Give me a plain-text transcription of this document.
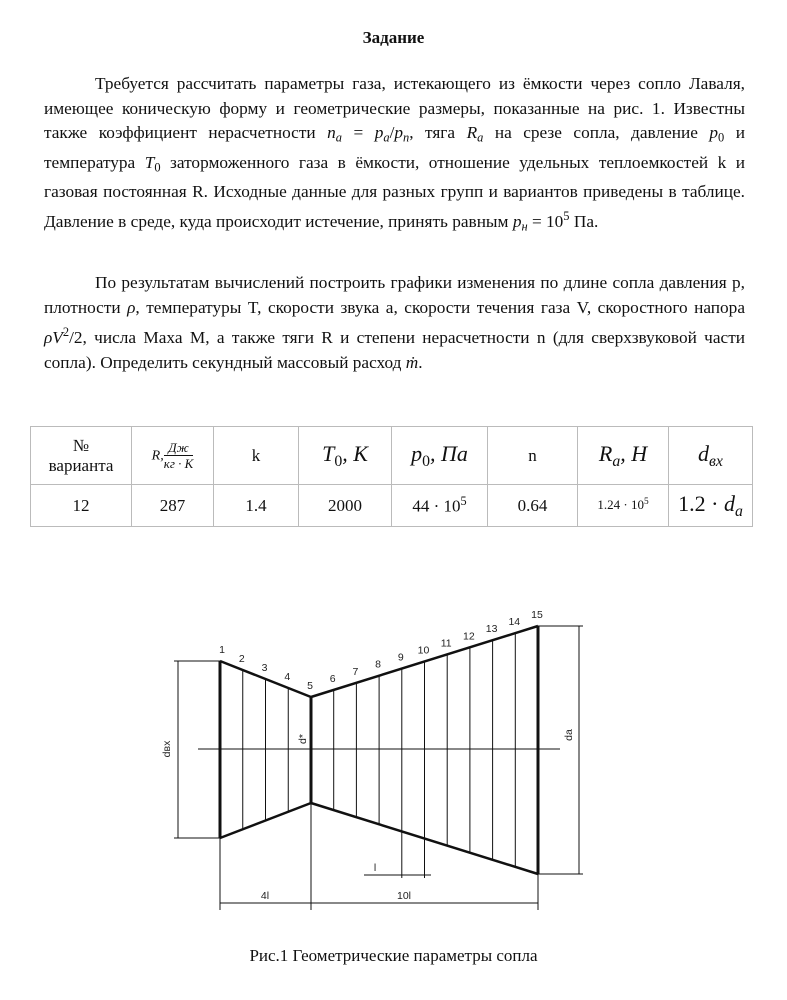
Задание

Требуется рассчитать параметры газа, истекающего из ёмкости через сопло Лаваля, имеющее коническую форму и геометрические размеры, показанные на рис. 1. Известны также коэффициент нерасчетности $n_a = p_a/p_n$, тяга $R_a$ на срезе сопла, давление $p_0$ и температура $T_0$ заторможенного газа в ёмкости, отношение удельных теплоемкостей k и газовая постоянная R. Исходные данные для разных групп и вариантов приведены в таблице. Давление в среде, куда происходит истечение, принять равным $p_н = 10^5$ Па.

По результатам вычислений построить графики изменения по длине сопла давления p, плотности ρ, температуры T, скорости звука a, скорости течения газа V, скоростного напора $\rho V^2/2$, числа Маха M, а также тяги R и степени нерасчетности n (для сверхзвуковой части сопла). Определить секундный массовый расход ṁ.

№
варианта	R, $\frac{Дж}{кг \cdot K}$	k	$T_0$, K	$p_0$, Па	n	$R_a$, H	$d_{вх}$
12	287	1.4	2000	$44 \cdot 10^5$	0.64	$1.24 \cdot 10^5$	$1.2 \cdot d_a$
1
2
3
4
5
6
7
8
9
10
11
12
13
14
15
dвх
d*	dа
4l	10l
l
Рис.1 Геометрические параметры сопла
